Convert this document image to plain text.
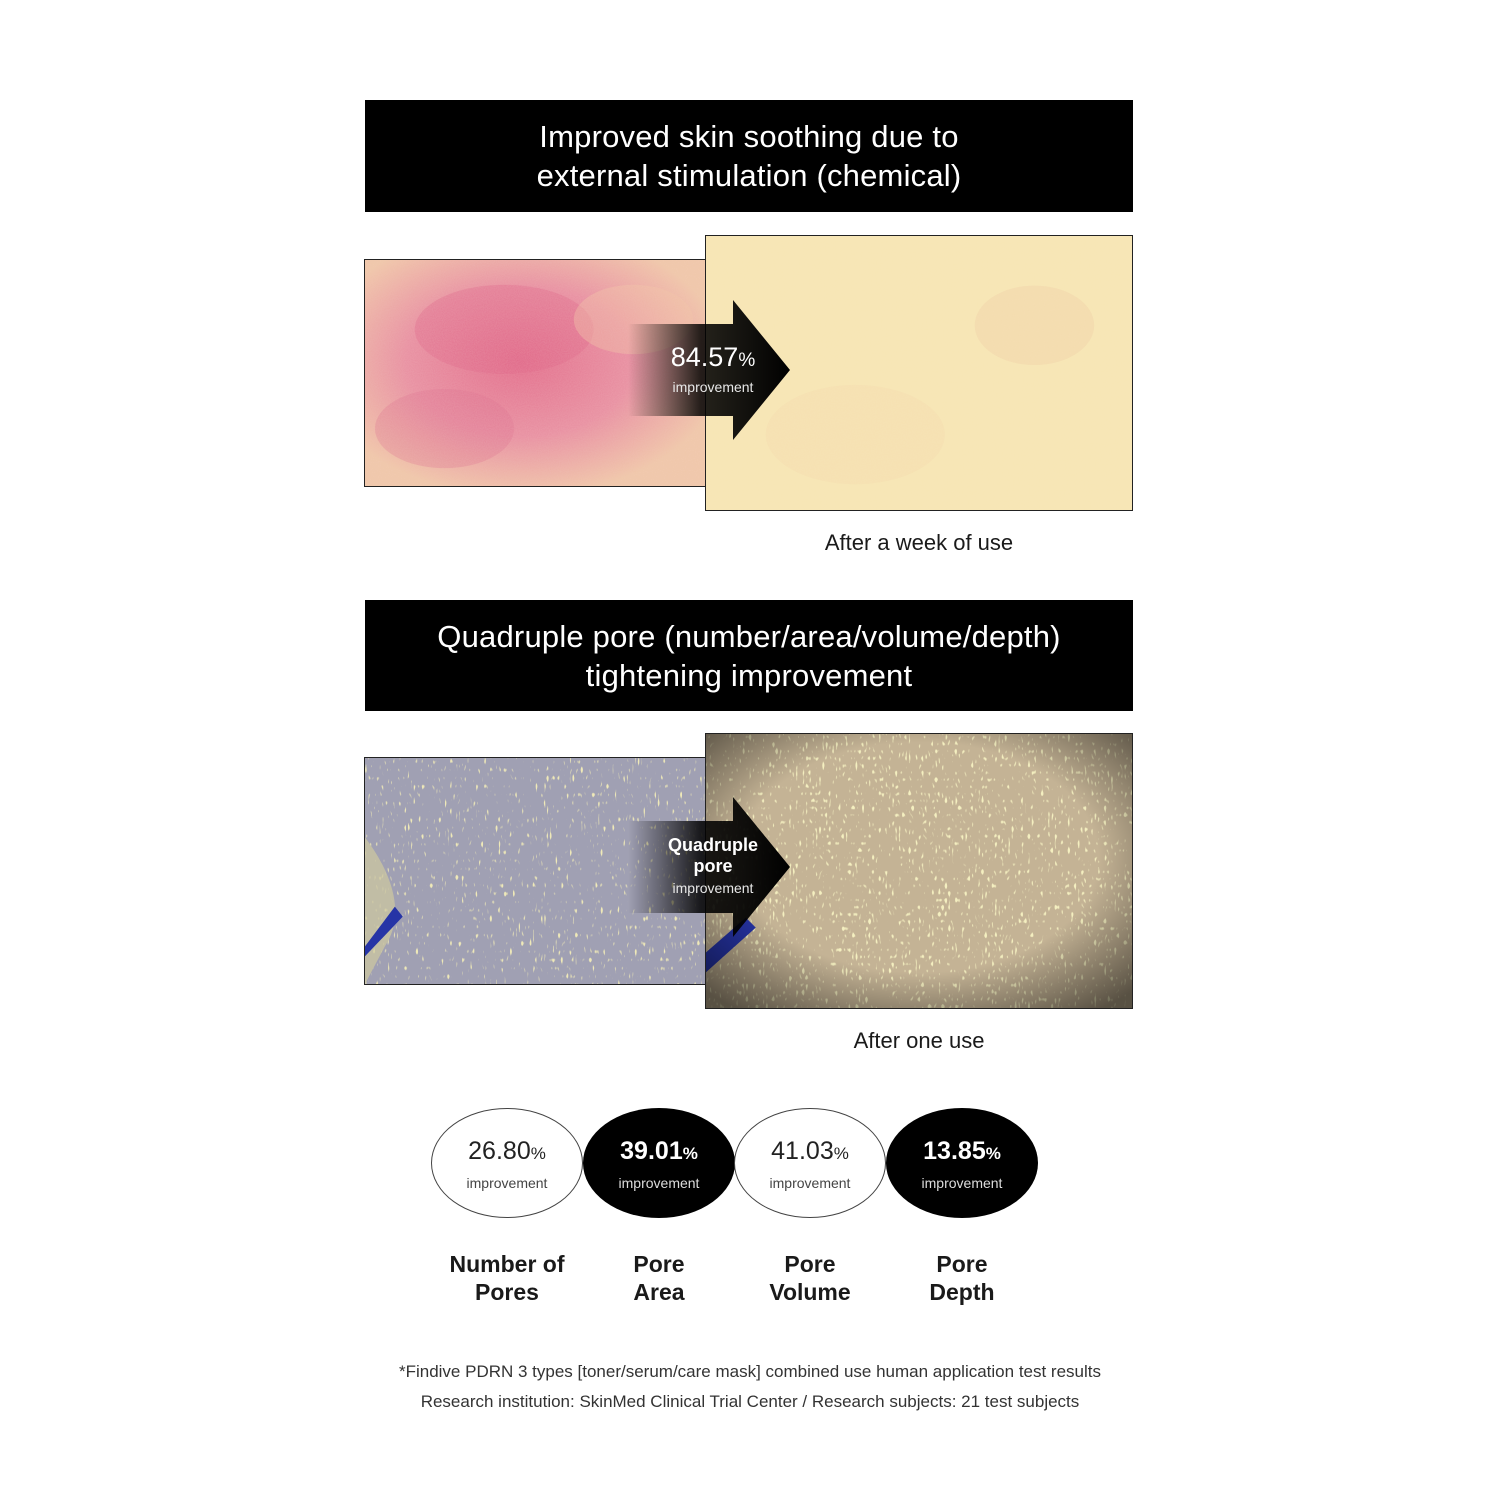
Improved skin soothing due to
external stimulation (chemical)
84.57%
improvement
After a week of use
Quadruple pore (number/area/volume/depth)
tightening improvement
Quadruple
pore
improvement
After one use
26.80%
improvement
Number of
Pores
39.01%
improvement
Pore
Area
41.03%
improvement
Pore
Volume
13.85%
improvement
Pore
Depth
*Findive PDRN 3 types [toner/serum/care mask] combined use human application test results
Research institution: SkinMed Clinical Trial Center / Research subjects: 21 test subjects
